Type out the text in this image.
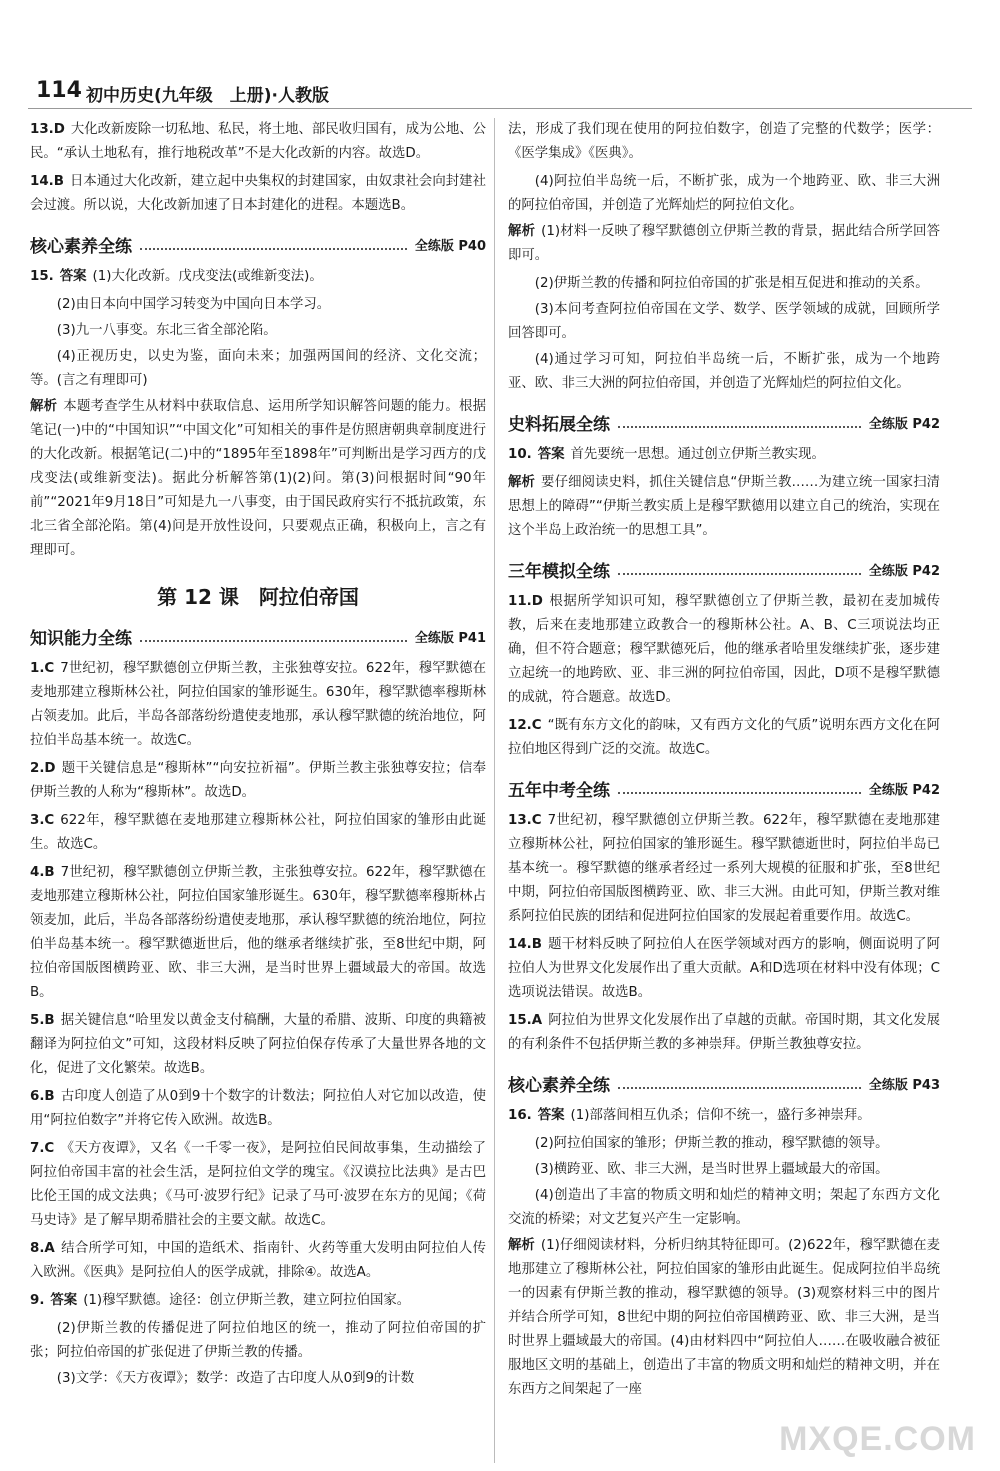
114 初中历史(九年级　上册)·人教版

13.D 大化改新废除一切私地、私民，将土地、部民收归国有，成为公地、公民。“承认土地私有，推行地税改革”不是大化改新的内容。故选D。

14.B 日本通过大化改新，建立起中央集权的封建国家，由奴隶社会向封建社会过渡。所以说，大化改新加速了日本封建化的进程。本题选B。

核心素养全练	全练版 P40

15. 答案 (1)大化改新。戊戌变法(或维新变法)。

(2)由日本向中国学习转变为中国向日本学习。

(3)九一八事变。东北三省全部沦陷。

(4)正视历史，以史为鉴，面向未来；加强两国间的经济、文化交流；等。(言之有理即可)

解析 本题考查学生从材料中获取信息、运用所学知识解答问题的能力。根据笔记(一)中的“中国知识”“中国文化”可知相关的事件是仿照唐朝典章制度进行的大化改新。根据笔记(二)中的“1895年至1898年”可判断出是学习西方的戊戌变法(或维新变法)。据此分析解答第(1)(2)问。第(3)问根据时间“90年前”“2021年9月18日”可知是九一八事变，由于国民政府实行不抵抗政策，东北三省全部沦陷。第(4)问是开放性设问，只要观点正确，积极向上，言之有理即可。

第 12 课 阿拉伯帝国
知识能力全练	全练版 P41

1.C 7世纪初，穆罕默德创立伊斯兰教，主张独尊安拉。622年，穆罕默德在麦地那建立穆斯林公社，阿拉伯国家的雏形诞生。630年，穆罕默德率穆斯林占领麦加。此后，半岛各部落纷纷遣使麦地那，承认穆罕默德的统治地位，阿拉伯半岛基本统一。故选C。

2.D 题干关键信息是“穆斯林”“向安拉祈福”。伊斯兰教主张独尊安拉；信奉伊斯兰教的人称为“穆斯林”。故选D。

3.C 622年，穆罕默德在麦地那建立穆斯林公社，阿拉伯国家的雏形由此诞生。故选C。

4.B 7世纪初，穆罕默德创立伊斯兰教，主张独尊安拉。622年，穆罕默德在麦地那建立穆斯林公社，阿拉伯国家雏形诞生。630年，穆罕默德率穆斯林占领麦加，此后，半岛各部落纷纷遣使麦地那，承认穆罕默德的统治地位，阿拉伯半岛基本统一。穆罕默德逝世后，他的继承者继续扩张，至8世纪中期，阿拉伯帝国版图横跨亚、欧、非三大洲，是当时世界上疆域最大的帝国。故选B。

5.B 据关键信息“哈里发以黄金支付稿酬，大量的希腊、波斯、印度的典籍被翻译为阿拉伯文”可知，这段材料反映了阿拉伯保存传承了大量世界各地的文化，促进了文化繁荣。故选B。

6.B 古印度人创造了从0到9十个数字的计数法；阿拉伯人对它加以改造，使用“阿拉伯数字”并将它传入欧洲。故选B。

7.C 《天方夜谭》，又名《一千零一夜》，是阿拉伯民间故事集，生动描绘了阿拉伯帝国丰富的社会生活，是阿拉伯文学的瑰宝。《汉谟拉比法典》是古巴比伦王国的成文法典；《马可·波罗行纪》记录了马可·波罗在东方的见闻；《荷马史诗》是了解早期希腊社会的主要文献。故选C。

8.A 结合所学可知，中国的造纸术、指南针、火药等重大发明由阿拉伯人传入欧洲。《医典》是阿拉伯人的医学成就，排除④。故选A。

9. 答案 (1)穆罕默德。途径：创立伊斯兰教，建立阿拉伯国家。

(2)伊斯兰教的传播促进了阿拉伯地区的统一，推动了阿拉伯帝国的扩张；阿拉伯帝国的扩张促进了伊斯兰教的传播。

(3)文学：《天方夜谭》；数学：改造了古印度人从0到9的计数

法，形成了我们现在使用的阿拉伯数字，创造了完整的代数学；医学：《医学集成》《医典》。

(4)阿拉伯半岛统一后，不断扩张，成为一个地跨亚、欧、非三大洲的阿拉伯帝国，并创造了光辉灿烂的阿拉伯文化。

解析 (1)材料一反映了穆罕默德创立伊斯兰教的背景，据此结合所学回答即可。

(2)伊斯兰教的传播和阿拉伯帝国的扩张是相互促进和推动的关系。

(3)本问考查阿拉伯帝国在文学、数学、医学领域的成就，回顾所学回答即可。

(4)通过学习可知，阿拉伯半岛统一后，不断扩张，成为一个地跨亚、欧、非三大洲的阿拉伯帝国，并创造了光辉灿烂的阿拉伯文化。

史料拓展全练	全练版 P42

10. 答案 首先要统一思想。通过创立伊斯兰教实现。

解析 要仔细阅读史料，抓住关键信息“伊斯兰教……为建立统一国家扫清思想上的障碍”“伊斯兰教实质上是穆罕默德用以建立自己的统治，实现在这个半岛上政治统一的思想工具”。

三年模拟全练	全练版 P42

11.D 根据所学知识可知，穆罕默德创立了伊斯兰教，最初在麦加城传教，后来在麦地那建立政教合一的穆斯林公社。A、B、C三项说法均正确，但不符合题意；穆罕默德死后，他的继承者哈里发继续扩张，逐步建立起统一的地跨欧、亚、非三洲的阿拉伯帝国，因此，D项不是穆罕默德的成就，符合题意。故选D。

12.C “既有东方文化的韵味，又有西方文化的气质”说明东西方文化在阿拉伯地区得到广泛的交流。故选C。

五年中考全练	全练版 P42

13.C 7世纪初，穆罕默德创立伊斯兰教。622年，穆罕默德在麦地那建立穆斯林公社，阿拉伯国家的雏形诞生。穆罕默德逝世时，阿拉伯半岛已基本统一。穆罕默德的继承者经过一系列大规模的征服和扩张，至8世纪中期，阿拉伯帝国版图横跨亚、欧、非三大洲。由此可知，伊斯兰教对维系阿拉伯民族的团结和促进阿拉伯国家的发展起着重要作用。故选C。

14.B 题干材料反映了阿拉伯人在医学领域对西方的影响，侧面说明了阿拉伯人为世界文化发展作出了重大贡献。A和D选项在材料中没有体现；C选项说法错误。故选B。

15.A 阿拉伯为世界文化发展作出了卓越的贡献。帝国时期，其文化发展的有利条件不包括伊斯兰教的多神崇拜。伊斯兰教独尊安拉。

核心素养全练	全练版 P43

16. 答案 (1)部落间相互仇杀；信仰不统一，盛行多神崇拜。

(2)阿拉伯国家的雏形；伊斯兰教的推动，穆罕默德的领导。

(3)横跨亚、欧、非三大洲，是当时世界上疆域最大的帝国。

(4)创造出了丰富的物质文明和灿烂的精神文明；架起了东西方文化交流的桥梁；对文艺复兴产生一定影响。

解析 (1)仔细阅读材料，分析归纳其特征即可。(2)622年，穆罕默德在麦地那建立了穆斯林公社，阿拉伯国家的雏形由此诞生。促成阿拉伯半岛统一的因素有伊斯兰教的推动，穆罕默德的领导。(3)观察材料三中的图片并结合所学可知，8世纪中期的阿拉伯帝国横跨亚、欧、非三大洲，是当时世界上疆域最大的帝国。(4)由材料四中“阿拉伯人……在吸收融合被征服地区文明的基础上，创造出了丰富的物质文明和灿烂的精神文明，并在东西方之间架起了一座

MXQE.COM
